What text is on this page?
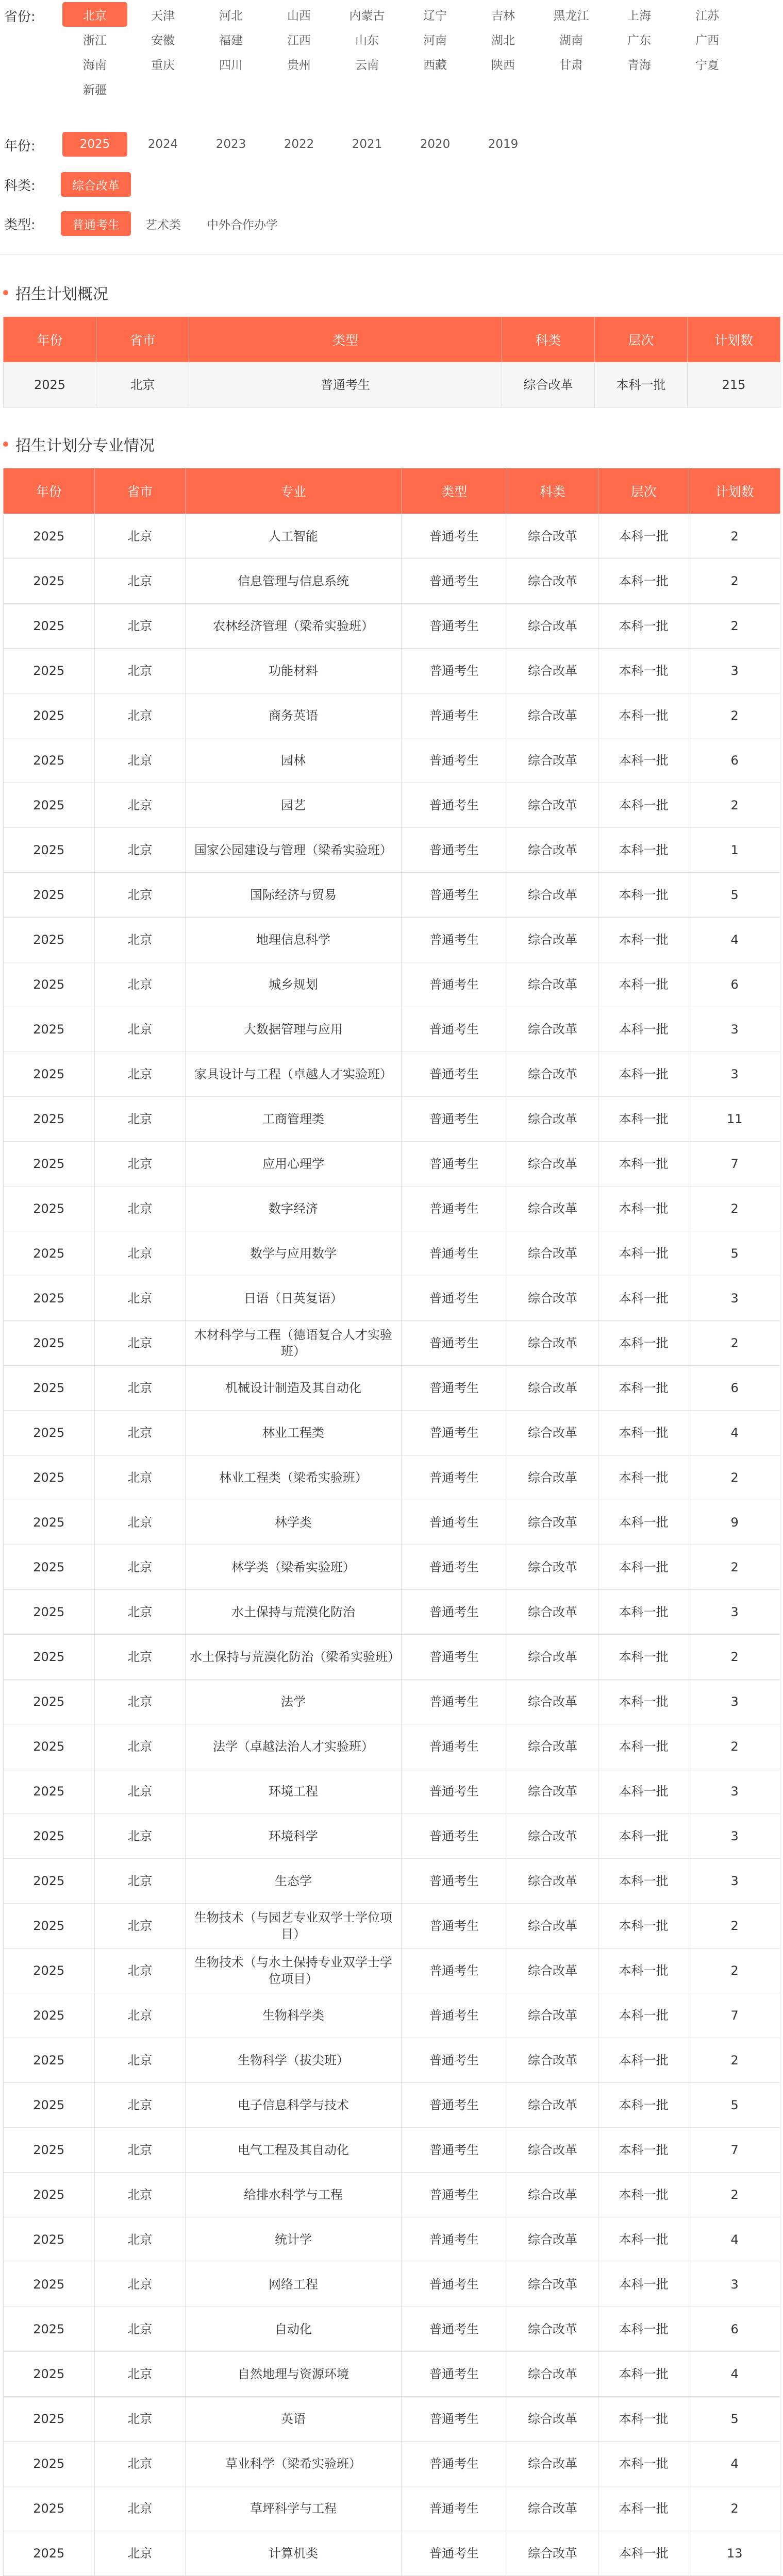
省份:	北京	天津	河北	山西	内蒙古	辽宁	吉林	黑龙江	上海	江苏
浙江	安徽	福建	江西	山东	河南	湖北	湖南	广东	广西
海南	重庆	四川	贵州	云南	西藏	陕西	甘肃	青海	宁夏
新疆
年份:	2025	2024	2023	2022	2021	2020	2019
科类:	综合改革
类型:	普通考生	艺术类	中外合作办学
招生计划概况
年份	省市	类型	科类	层次	计划数
2025	北京	普通考生	综合改革	本科一批	215
招生计划分专业情况
年份	省市	专业	类型	科类	层次	计划数
2025	北京	人工智能	普通考生	综合改革	本科一批	2
2025	北京	信息管理与信息系统	普通考生	综合改革	本科一批	2
2025	北京	农林经济管理（梁希实验班）	普通考生	综合改革	本科一批	2
2025	北京	功能材料	普通考生	综合改革	本科一批	3
2025	北京	商务英语	普通考生	综合改革	本科一批	2
2025	北京	园林	普通考生	综合改革	本科一批	6
2025	北京	园艺	普通考生	综合改革	本科一批	2
2025	北京	国家公园建设与管理（梁希实验班）	普通考生	综合改革	本科一批	1
2025	北京	国际经济与贸易	普通考生	综合改革	本科一批	5
2025	北京	地理信息科学	普通考生	综合改革	本科一批	4
2025	北京	城乡规划	普通考生	综合改革	本科一批	6
2025	北京	大数据管理与应用	普通考生	综合改革	本科一批	3
2025	北京	家具设计与工程（卓越人才实验班）	普通考生	综合改革	本科一批	3
2025	北京	工商管理类	普通考生	综合改革	本科一批	11
2025	北京	应用心理学	普通考生	综合改革	本科一批	7
2025	北京	数字经济	普通考生	综合改革	本科一批	2
2025	北京	数学与应用数学	普通考生	综合改革	本科一批	5
2025	北京	日语（日英复语）	普通考生	综合改革	本科一批	3
2025	北京	木材科学与工程（德语复合人才实验班）	普通考生	综合改革	本科一批	2
2025	北京	机械设计制造及其自动化	普通考生	综合改革	本科一批	6
2025	北京	林业工程类	普通考生	综合改革	本科一批	4
2025	北京	林业工程类（梁希实验班）	普通考生	综合改革	本科一批	2
2025	北京	林学类	普通考生	综合改革	本科一批	9
2025	北京	林学类（梁希实验班）	普通考生	综合改革	本科一批	2
2025	北京	水土保持与荒漠化防治	普通考生	综合改革	本科一批	3
2025	北京	水土保持与荒漠化防治（梁希实验班）	普通考生	综合改革	本科一批	2
2025	北京	法学	普通考生	综合改革	本科一批	3
2025	北京	法学（卓越法治人才实验班）	普通考生	综合改革	本科一批	2
2025	北京	环境工程	普通考生	综合改革	本科一批	3
2025	北京	环境科学	普通考生	综合改革	本科一批	3
2025	北京	生态学	普通考生	综合改革	本科一批	3
2025	北京	生物技术（与园艺专业双学士学位项目）	普通考生	综合改革	本科一批	2
2025	北京	生物技术（与水土保持专业双学士学位项目）	普通考生	综合改革	本科一批	2
2025	北京	生物科学类	普通考生	综合改革	本科一批	7
2025	北京	生物科学（拔尖班）	普通考生	综合改革	本科一批	2
2025	北京	电子信息科学与技术	普通考生	综合改革	本科一批	5
2025	北京	电气工程及其自动化	普通考生	综合改革	本科一批	7
2025	北京	给排水科学与工程	普通考生	综合改革	本科一批	2
2025	北京	统计学	普通考生	综合改革	本科一批	4
2025	北京	网络工程	普通考生	综合改革	本科一批	3
2025	北京	自动化	普通考生	综合改革	本科一批	6
2025	北京	自然地理与资源环境	普通考生	综合改革	本科一批	4
2025	北京	英语	普通考生	综合改革	本科一批	5
2025	北京	草业科学（梁希实验班）	普通考生	综合改革	本科一批	4
2025	北京	草坪科学与工程	普通考生	综合改革	本科一批	2
2025	北京	计算机类	普通考生	综合改革	本科一批	13
